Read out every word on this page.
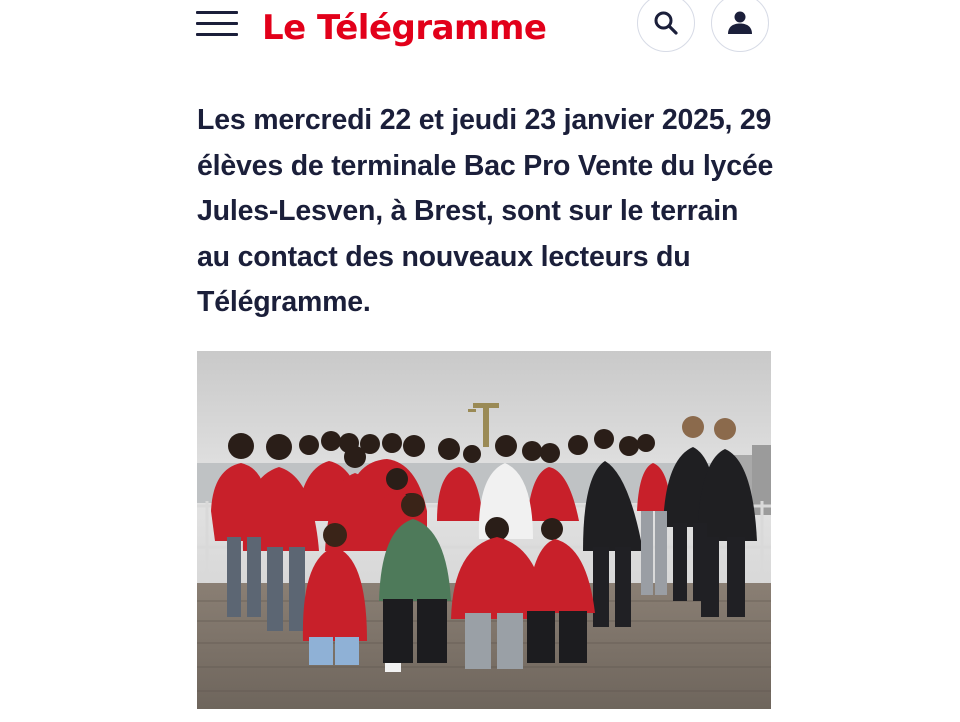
Le Télégramme

Les mercredi 22 et jeudi 23 janvier 2025, 29 élèves de terminale Bac Pro Vente du lycée Jules-Lesven, à Brest, sont sur le terrain au contact des nouveaux lecteurs du Télégramme.
